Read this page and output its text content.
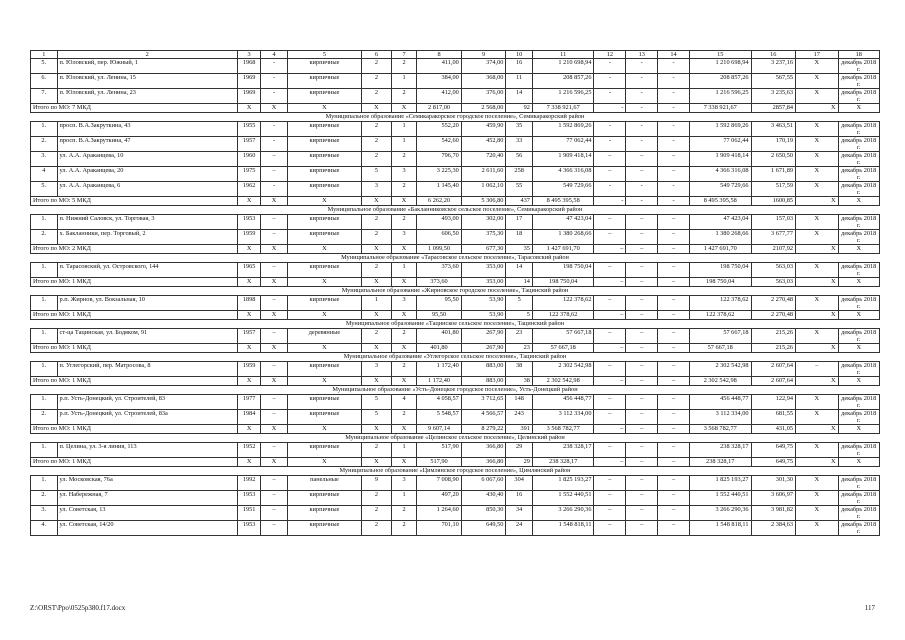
1	2	3	4	5	6	7	8	9	10	11	12	13	14	15	16	17	18
5.	п. Юловский, пер. Южный, 1	1968	-	кирпичные	2	2	411,00	374,00	16	1 210 698,94	-	-	-	1 210 698,94	3 237,16	X	декабрь 2018 г.
6.	п. Юловский, ул. Ленина, 15	1969	-	кирпичные	2	1	384,00	368,00	11	208 857,26	-	-	-	208 857,26	567,55	X	декабрь 2018 г.
7.	п. Юловский, ул. Ленина, 23	1969	-	кирпичные	2	2	412,00	376,00	14	1 216 596,25	-	-	-	1 216 596,25	3 235,63	X	декабрь 2018 г.
Итого по МО: 7 МКД		X	X	X	X	X	2 817,00	2 568,00	92	7 338 921,67	-	-	-	7 338 921,67	2857,84	X	X
Муниципальное образование «Семикаракорское городское поселение», Семикаракорский район																	
1.	просп. В.А.Закруткина, 43	1955	-	кирпичные	2	1	552,20	459,90	35	1 592 869,26	-	-	-	1 592 869,26	3 463,51	X	декабрь 2018 г.
2.	просп. В.А.Закруткина, 47	1957	-	кирпичные	2	1	542,60	452,80	33	77 062,44	-	-	-	77 062,44	170,19	X	декабрь 2018 г.
3.	ул. А.А. Араканцева, 10	1960	–	кирпичные	2	2	796,70	720,40	56	1 909 418,14	–	–	–	1 909 418,14	2 650,50	X	декабрь 2018 г.
4	ул. А.А. Араканцева, 20	1975	–	кирпичные	5	3	3 225,30	2 611,60	258	4 366 316,08	–	–	–	4 366 316,08	1 671,89	X	декабрь 2018 г.
5.	ул. А.А. Араканцева, 6	1962	-	кирпичные	3	2	1 145,40	1 062,10	55	549 729,66	-	-	-	549 729,66	517,59	X	декабрь 2018 г.
Итого по МО: 5 МКД		X	X	X	X	X	6 262,20	5 306,80	437	8 495 395,58	-	-	-	8 495 395,58	1600,85	X	X
Муниципальное образование «Бакланниковское сельское поселение», Семикаракорский район																	
1.	п. Нижний Саловск, ул. Торговая, 3	1953	–	кирпичные	2	2	493,00	302,00	17	47 423,04	–	–	–	47 423,04	157,03	X	декабрь 2018 г.
2.	х. Бакланники, пер. Торговый, 2	1959	–	кирпичные	2	3	606,50	375,30	18	1 380 268,66	–	–	–	1 380 268,66	3 677,77	X	декабрь 2018 г.
Итого по МО: 2 МКД		X	X	X	X	X	1 099,50	677,30	35	1 427 691,70	–	–	–	1 427 691,70	2107,92	X	X
Муниципальное образование «Тарасовское сельское поселение», Тарасовский район																	
1.	п. Тарасовский, ул. Островского, 144	1965	–	кирпичные	2	1	373,60	353,00	14	198 750,04	–	–	–	198 750,04	563,03	X	декабрь 2018 г.
Итого по МО: 1 МКД		X	X	X	X	X	373,60	353,00	14	198 750,04	–	–	–	198 750,04	563,03	X	X
Муниципальное образование «Жирновское городское поселение», Тацинский район																	
1.	р.п. Жирнов, ул. Вокзальная, 10	1898	–	кирпичные	1	3	95,50	53,90	5	122 378,62	–	–	–	122 378,62	2 270,48	X	декабрь 2018 г.
Итого по МО: 1 МКД		X	X	X	X	X	95,50	53,90	5	122 378,62	–	–	–	122 378,62	2 270,48	X	X
Муниципальное образование «Тацинское сельское поселение», Тацинский район																	
1.	ст-ца Тацинская, ул. Бодяком, 91	1957	–	деревянные	2	2	401,80	267,90	23	57 667,18	–	–	–	57 667,18	215,26	X	декабрь 2018 г.
Итого по МО: 1 МКД		X	X	X	X	X	401,80	267,90	23	57 667,18	–	–	–	57 667,18	215,26	X	X
Муниципальное образование «Углегорское сельское поселение», Тацинский район																	
1.	п. Углегорский, пер. Матросова, 8	1959	–	кирпичные	3	2	1 172,40	883,00	38	2 302 542,98	–	–	–	2 302 542,98	2 607,64	–	декабрь 2018 г.
Итого по МО: 1 МКД		X	X	X	X	X	1 172,40	883,00	38	2 302 542,98	–	–	–	2 302 542,98	2 607,64	X	X
Муниципальное образование «Усть-Донецкое городское поселение», Усть-Донецкий район																	
1.	р.п. Усть-Донецкий, ул. Строителей, 83	1977	–	кирпичные	5	4	4 058,57	3 712,65	148	456 448,77	–	–	–	456 448,77	122,94	X	декабрь 2018 г.
2.	р.п. Усть-Донецкий, ул. Строителей, 83а	1984	–	кирпичные	5	2	5 548,57	4 566,57	243	3 112 334,00	–	–	–	3 112 334,00	681,55	X	декабрь 2018 г.
Итого по МО: 1 МКД		X	X	X	X	X	9 607,14	8 279,22	391	3 568 782,77	–	–	–	3 568 782,77	431,05	X	X
Муниципальное образование «Целинское сельское поселение», Целинский район																	
1.	п. Целина, ул. 3-я линия, 113	1952	–	кирпичные	2	1	517,90	366,80	29	238 328,17	–	–	–	238 328,17	649,75	X	декабрь 2018 г.
Итого по МО: 1 МКД		X	X	X	X	X	517,90	366,80	29	238 328,17	–	–	–	238 328,17	649,75	X	X
Муниципальное образование «Цимлянское городское поселение», Цимлянский район																	
1.	ул. Московская, 76а	1992	–	панельные	9	3	7 008,90	6 067,60	304	1 825 193,27	–	–	–	1 825 193,27	301,30	X	декабрь 2018 г.
2.	ул. Набережная, 7	1953	–	кирпичные	2	1	497,20	430,40	16	1 552 440,51	–	–	–	1 552 440,51	3 606,97	X	декабрь 2018 г.
3.	ул. Советская, 13	1951	–	кирпичные	2	2	1 264,60	850,30	34	3 266 290,36	–	–	–	3 266 290,36	3 981,82	X	декабрь 2018 г.
4.	ул. Советская, 14/20	1953	–	кирпичные	2	2	701,10	649,50	24	1 548 818,11	–	–	–	1 548 818,11	2 384,63	X	декабрь 2018 г.
Z:\ORST\Ppo\0525p380.f17.docx	117
